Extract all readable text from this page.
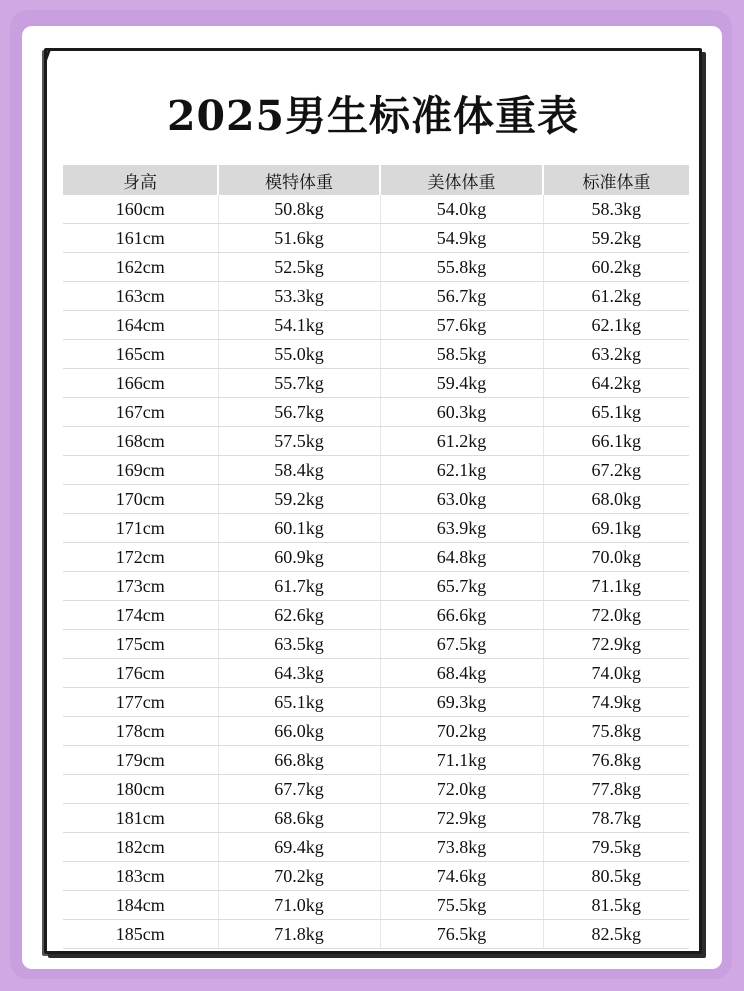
2025男生标准体重表
身高	模特体重	美体体重	标准体重
160cm	50.8kg	54.0kg	58.3kg
161cm	51.6kg	54.9kg	59.2kg
162cm	52.5kg	55.8kg	60.2kg
163cm	53.3kg	56.7kg	61.2kg
164cm	54.1kg	57.6kg	62.1kg
165cm	55.0kg	58.5kg	63.2kg
166cm	55.7kg	59.4kg	64.2kg
167cm	56.7kg	60.3kg	65.1kg
168cm	57.5kg	61.2kg	66.1kg
169cm	58.4kg	62.1kg	67.2kg
170cm	59.2kg	63.0kg	68.0kg
171cm	60.1kg	63.9kg	69.1kg
172cm	60.9kg	64.8kg	70.0kg
173cm	61.7kg	65.7kg	71.1kg
174cm	62.6kg	66.6kg	72.0kg
175cm	63.5kg	67.5kg	72.9kg
176cm	64.3kg	68.4kg	74.0kg
177cm	65.1kg	69.3kg	74.9kg
178cm	66.0kg	70.2kg	75.8kg
179cm	66.8kg	71.1kg	76.8kg
180cm	67.7kg	72.0kg	77.8kg
181cm	68.6kg	72.9kg	78.7kg
182cm	69.4kg	73.8kg	79.5kg
183cm	70.2kg	74.6kg	80.5kg
184cm	71.0kg	75.5kg	81.5kg
185cm	71.8kg	76.5kg	82.5kg
